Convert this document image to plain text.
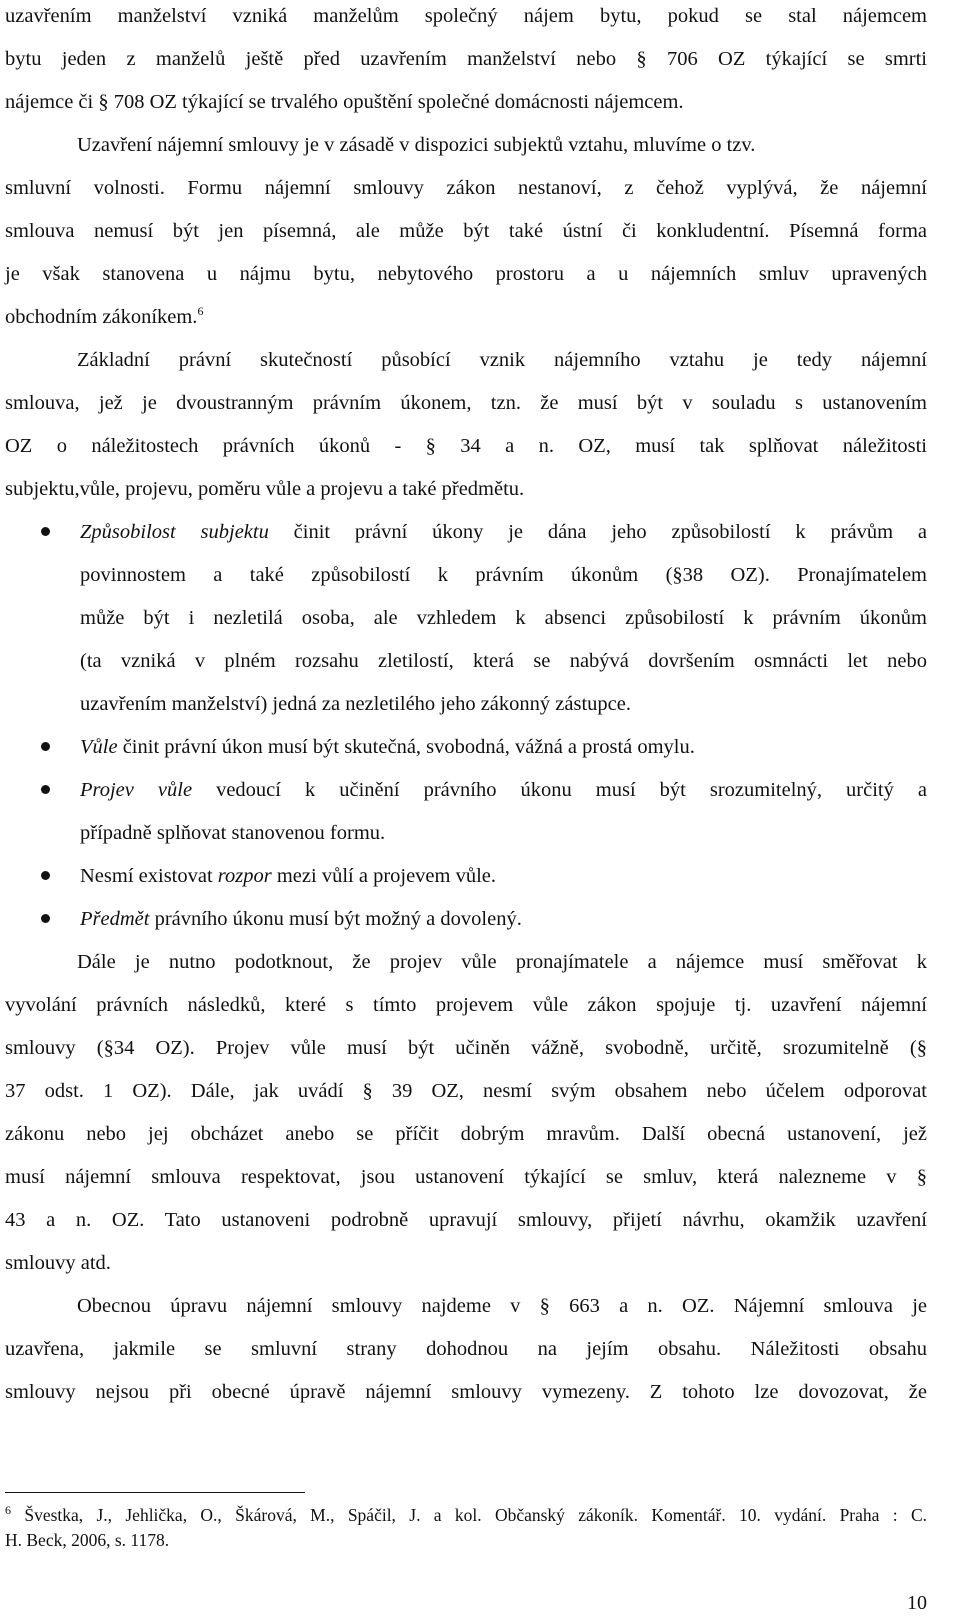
uzavřením manželství vzniká manželům společný nájem bytu, pokud se stal nájemcem
bytu jeden z manželů ještě před uzavřením manželství nebo § 706 OZ týkající se smrti
nájemce či § 708 OZ týkající se trvalého opuštění společné domácnosti nájemcem.
Uzavření nájemní smlouvy je v zásadě v dispozici subjektů vztahu, mluvíme o tzv.
smluvní volnosti. Formu nájemní smlouvy zákon nestanoví, z čehož vyplývá, že nájemní
smlouva nemusí být jen písemná, ale může být také ústní či konkludentní. Písemná forma
je však stanovena u nájmu bytu, nebytového prostoru a u nájemních smluv upravených
obchodním zákoníkem.$^6$
Základní právní skutečností působící vznik nájemního vztahu je tedy nájemní
smlouva, jež je dvoustranným právním úkonem, tzn. že musí být v souladu s ustanovením
OZ o náležitostech právních úkonů - § 34 a n. OZ, musí tak splňovat náležitosti
subjektu,vůle, projevu, poměru vůle a projevu a také předmětu.
Způsobilost subjektu činit právní úkony je dána jeho způsobilostí k právům a
povinnostem a také způsobilostí k právním úkonům (§38 OZ). Pronajímatelem
může být i nezletilá osoba, ale vzhledem k absenci způsobilostí k právním úkonům
(ta vzniká v plném rozsahu zletilostí, která se nabývá dovršením osmnácti let nebo
uzavřením manželství) jedná za nezletilého jeho zákonný zástupce.
Vůle činit právní úkon musí být skutečná, svobodná, vážná a prostá omylu.
Projev vůle vedoucí k učinění právního úkonu musí být srozumitelný, určitý a
případně splňovat stanovenou formu.
Nesmí existovat rozpor mezi vůlí a projevem vůle.
Předmět právního úkonu musí být možný a dovolený.
Dále je nutno podotknout, že projev vůle pronajímatele a nájemce musí směřovat k
vyvolání právních následků, které s tímto projevem vůle zákon spojuje tj. uzavření nájemní
smlouvy (§34 OZ). Projev vůle musí být učiněn vážně, svobodně, určitě, srozumitelně (§
37 odst. 1 OZ). Dále, jak uvádí § 39 OZ, nesmí svým obsahem nebo účelem odporovat
zákonu nebo jej obcházet anebo se příčit dobrým mravům. Další obecná ustanovení, jež
musí nájemní smlouva respektovat, jsou ustanovení týkající se smluv, která nalezneme v §
43 a n. OZ. Tato ustanoveni podrobně upravují smlouvy, přijetí návrhu, okamžik uzavření
smlouvy atd.
Obecnou úpravu nájemní smlouvy najdeme v § 663 a n. OZ. Nájemní smlouva je
uzavřena, jakmile se smluvní strany dohodnou na jejím obsahu. Náležitosti obsahu
smlouvy nejsou při obecné úpravě nájemní smlouvy vymezeny. Z tohoto lze dovozovat, že
$^6$ Švestka, J., Jehlička, O., Škárová, M., Spáčil, J. a kol. Občanský zákoník. Komentář. 10. vydání. Praha : C.
H. Beck, 2006, s. 1178.
10
